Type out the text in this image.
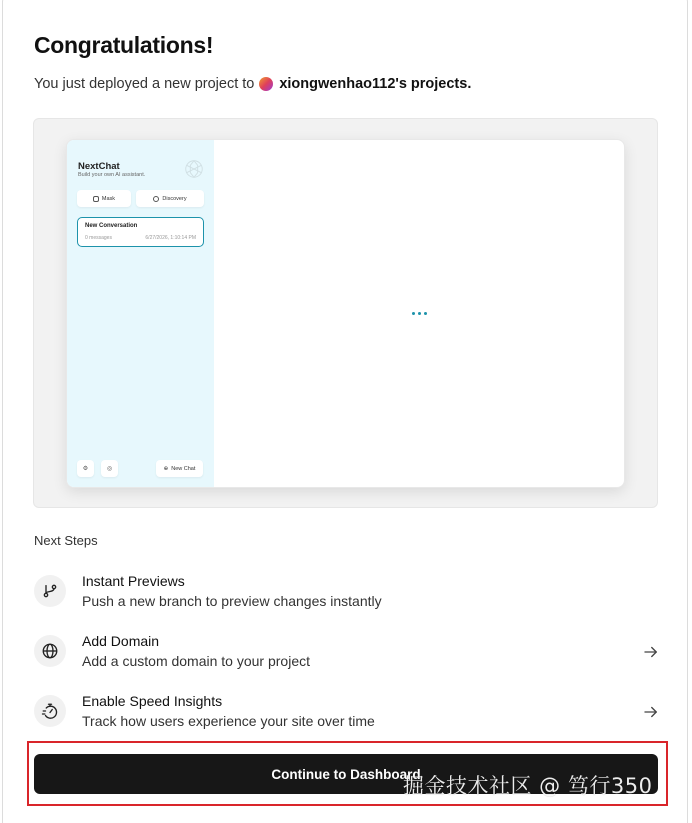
Congratulations!
You just deployed a new project to xiongwenhao112's projects.
NextChat
Build your own AI assistant.
Mask	Discovery
New Conversation
0 messages	6/27/2026, 1:10:14 PM
⚙	◎	⊕ New Chat
Next Steps
Instant Previews
Push a new branch to preview changes instantly
Add Domain
Add a custom domain to your project
Enable Speed Insights
Track how users experience your site over time
Continue to Dashboard
掘金技术社区 @ 笃行350
